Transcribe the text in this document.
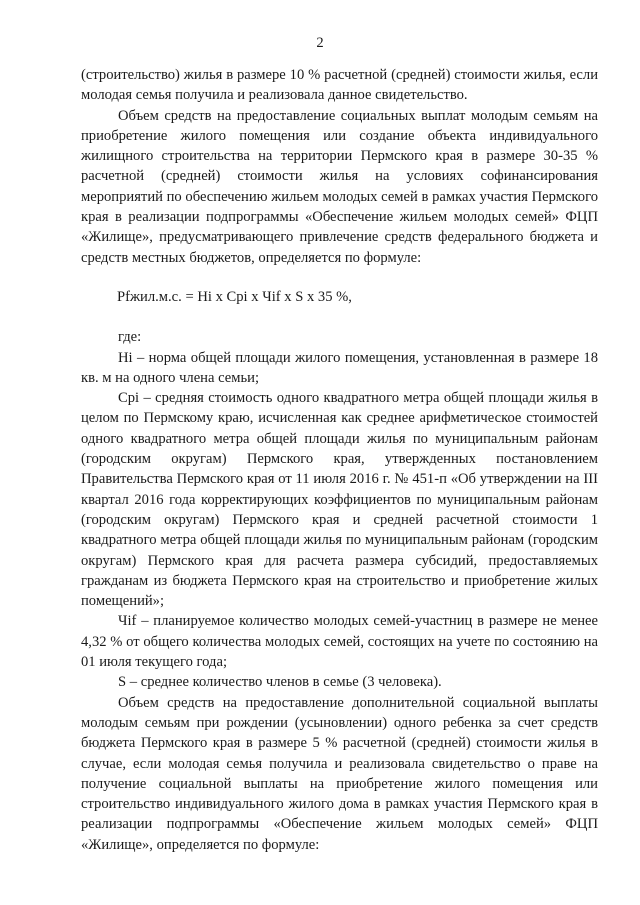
2

(строительство) жилья в размере 10 % расчетной (средней) стоимости жилья, если молодая семья получила и реализовала данное свидетельство.

Объем средств на предоставление социальных выплат молодым семьям на приобретение жилого помещения или создание объекта индивидуального жилищного строительства на территории Пермского края в размере 30-35 % расчетной (средней) стоимости жилья на условиях софинансирования мероприятий по обеспечению жильем молодых семей в рамках участия Пермского края в реализации подпрограммы «Обеспечение жильем молодых семей» ФЦП «Жилище», предусматривающего привлечение средств федерального бюджета и средств местных бюджетов, определяется по формуле:

Рfжил.м.с. = Hi x Cpi x Чif x S x 35 %,

где:

Hi – норма общей площади жилого помещения, установленная в размере 18 кв. м на одного члена семьи;

Cpi – средняя стоимость одного квадратного метра общей площади жилья в целом по Пермскому краю, исчисленная как среднее арифметическое стоимостей одного квадратного метра общей площади жилья по муниципальным районам (городским округам) Пермского края, утвержденных постановлением Правительства Пермского края от 11 июля 2016 г. № 451-п «Об утверждении на III квартал 2016 года корректирующих коэффициентов по муниципальным районам (городским округам) Пермского края и средней расчетной стоимости 1 квадратного метра общей площади жилья по муниципальным районам (городским округам) Пермского края для расчета размера субсидий, предоставляемых гражданам из бюджета Пермского края на строительство и приобретение жилых помещений»;

Чif – планируемое количество молодых семей-участниц в размере не менее 4,32 % от общего количества молодых семей, состоящих на учете по состоянию на 01 июля текущего года;

S – среднее количество членов в семье (3 человека).

Объем средств на предоставление дополнительной социальной выплаты молодым семьям при рождении (усыновлении) одного ребенка за счет средств бюджета Пермского края в размере 5 % расчетной (средней) стоимости жилья в случае, если молодая семья получила и реализовала свидетельство о праве на получение социальной выплаты на приобретение жилого помещения или строительство индивидуального жилого дома в рамках участия Пермского края в реализации подпрограммы «Обеспечение жильем молодых семей» ФЦП «Жилище», определяется по формуле:
